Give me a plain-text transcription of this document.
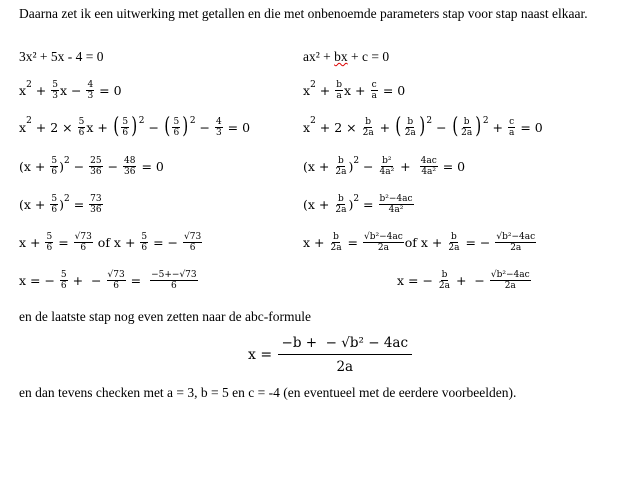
Daarna zet ik een uitwerking met getallen en die met onbenoemde parameters stap voor stap naast elkaar.
3x² + 5x - 4 = 0	ax² + bx + c = 0
x $2 + \frac{5}{3}$ $x - \frac{4}{3} = 0$	x $2 + \frac{b}{a}$ $x + \frac{c}{a} = 0$
x $2 + 2 \times \frac{5}{6}$ x + ( $\frac{5}{6}$ ) 2 − ( $\frac{5}{6}$ ) $2 - \frac{4}{3} = 0$	x $2 + 2 \times \frac{b}{2a}$ + ( $\frac{b}{2a}$ ) 2 − ( $\frac{b}{2a}$ ) $2 + \frac{c}{a} = 0$
($x + \frac{5}{6}$ ) $2 - \frac{25}{36} - \frac{48}{36} = 0$	($x + \frac{b}{2a}$ ) $2 - \frac{\text{b²}}{\text{4a²}} + \frac{4ac}{\text{4a²}} = 0$
($x + \frac{5}{6}$ ) $2 = \frac{73}{36}$	($x + \frac{b}{2a}$ ) $2 = \frac{\text{b²−4ac}}{\text{4a²}}$
$x + \frac{5}{6} = \frac{√73}{6}$ of $x + \frac{5}{6}$ = − $\frac{√73}{6}$	$x + \frac{b}{2a} = \frac{\text{√b²−4ac}}{2a}$ of $x + \frac{b}{2a}$ = − $\frac{\text{√b²−4ac}}{2a}$
x = − $\frac{5}{6}$ +  − $\frac{√73}{6} = \frac{-5+-√73}{6}$	x = − $\frac{b}{2a}$ +  − $\frac{\text{√b²−4ac}}{2a}$
en de laatste stap nog even zetten naar de abc-formule
$x = \frac{\text{−b +  − √b² − 4ac}}{2a}$
en dan tevens checken met a = 3, b = 5 en c = -4 (en eventueel met de eerdere voorbeelden).
